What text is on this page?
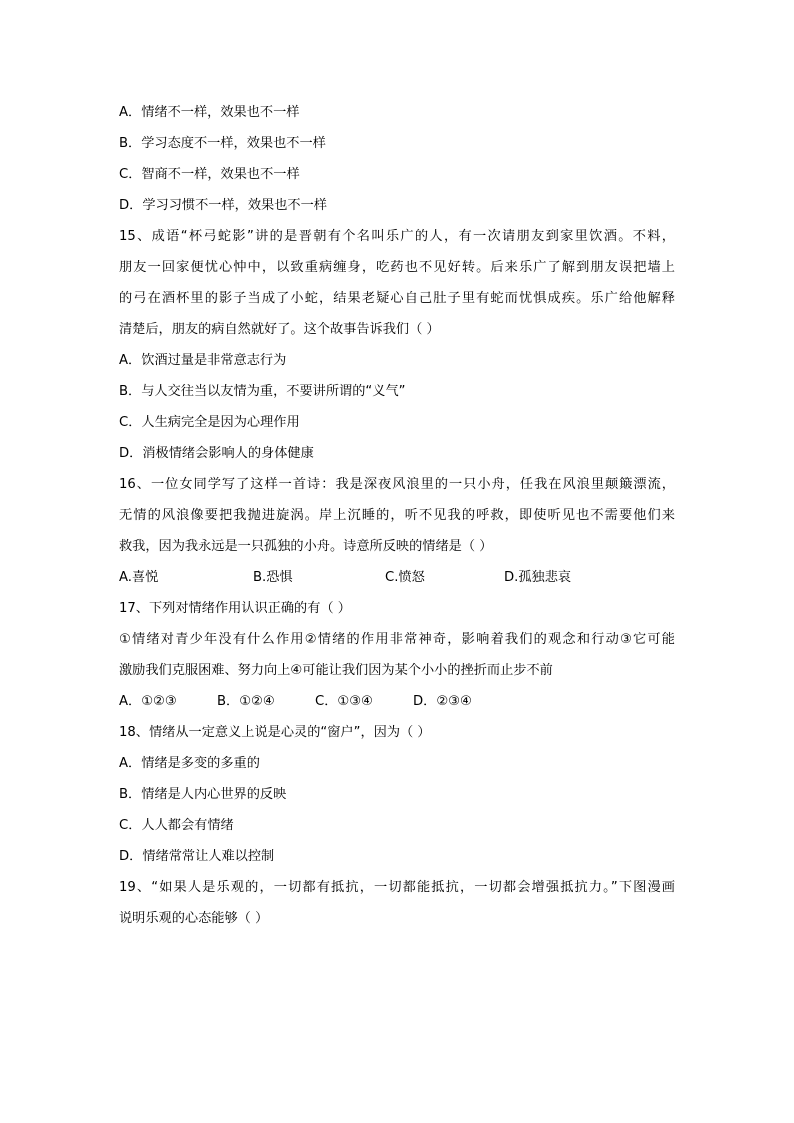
A．情绪不一样，效果也不一样
B．学习态度不一样，效果也不一样
C．智商不一样，效果也不一样
D．学习习惯不一样，效果也不一样
15、成语“杯弓蛇影”讲的是晋朝有个名叫乐广的人，有一次请朋友到家里饮酒。不料，
朋友一回家便忧心忡中，以致重病缠身，吃药也不见好转。后来乐广了解到朋友误把墙上
的弓在酒杯里的影子当成了小蛇，结果老疑心自己肚子里有蛇而忧惧成疾。乐广给他解释
清楚后，朋友的病自然就好了。这个故事告诉我们（ ）
A．饮酒过量是非常意志行为
B．与人交往当以友情为重，不要讲所谓的“义气”
C．人生病完全是因为心理作用
D．消极情绪会影响人的身体健康
16、一位女同学写了这样一首诗：我是深夜风浪里的一只小舟，任我在风浪里颠簸漂流，
无情的风浪像要把我抛进旋涡。岸上沉睡的，听不见我的呼救，即使听见也不需要他们来
救我，因为我永远是一只孤独的小舟。诗意所反映的情绪是（ ）
A.喜悦	B.恐惧	C.愤怒	D.孤独悲哀
17、下列对情绪作用认识正确的有（ ）
①情绪对青少年没有什么作用②情绪的作用非常神奇，影响着我们的观念和行动③它可能
激励我们克服困难、努力向上④可能让我们因为某个小小的挫折而止步不前
A．①②③	B．①②④	C．①③④	D．②③④
18、情绪从一定意义上说是心灵的“窗户”，因为（ ）
A．情绪是多变的多重的
B．情绪是人内心世界的反映
C．人人都会有情绪
D．情绪常常让人难以控制
19、“如果人是乐观的，一切都有抵抗，一切都能抵抗，一切都会增强抵抗力。”下图漫画
说明乐观的心态能够（ ）
